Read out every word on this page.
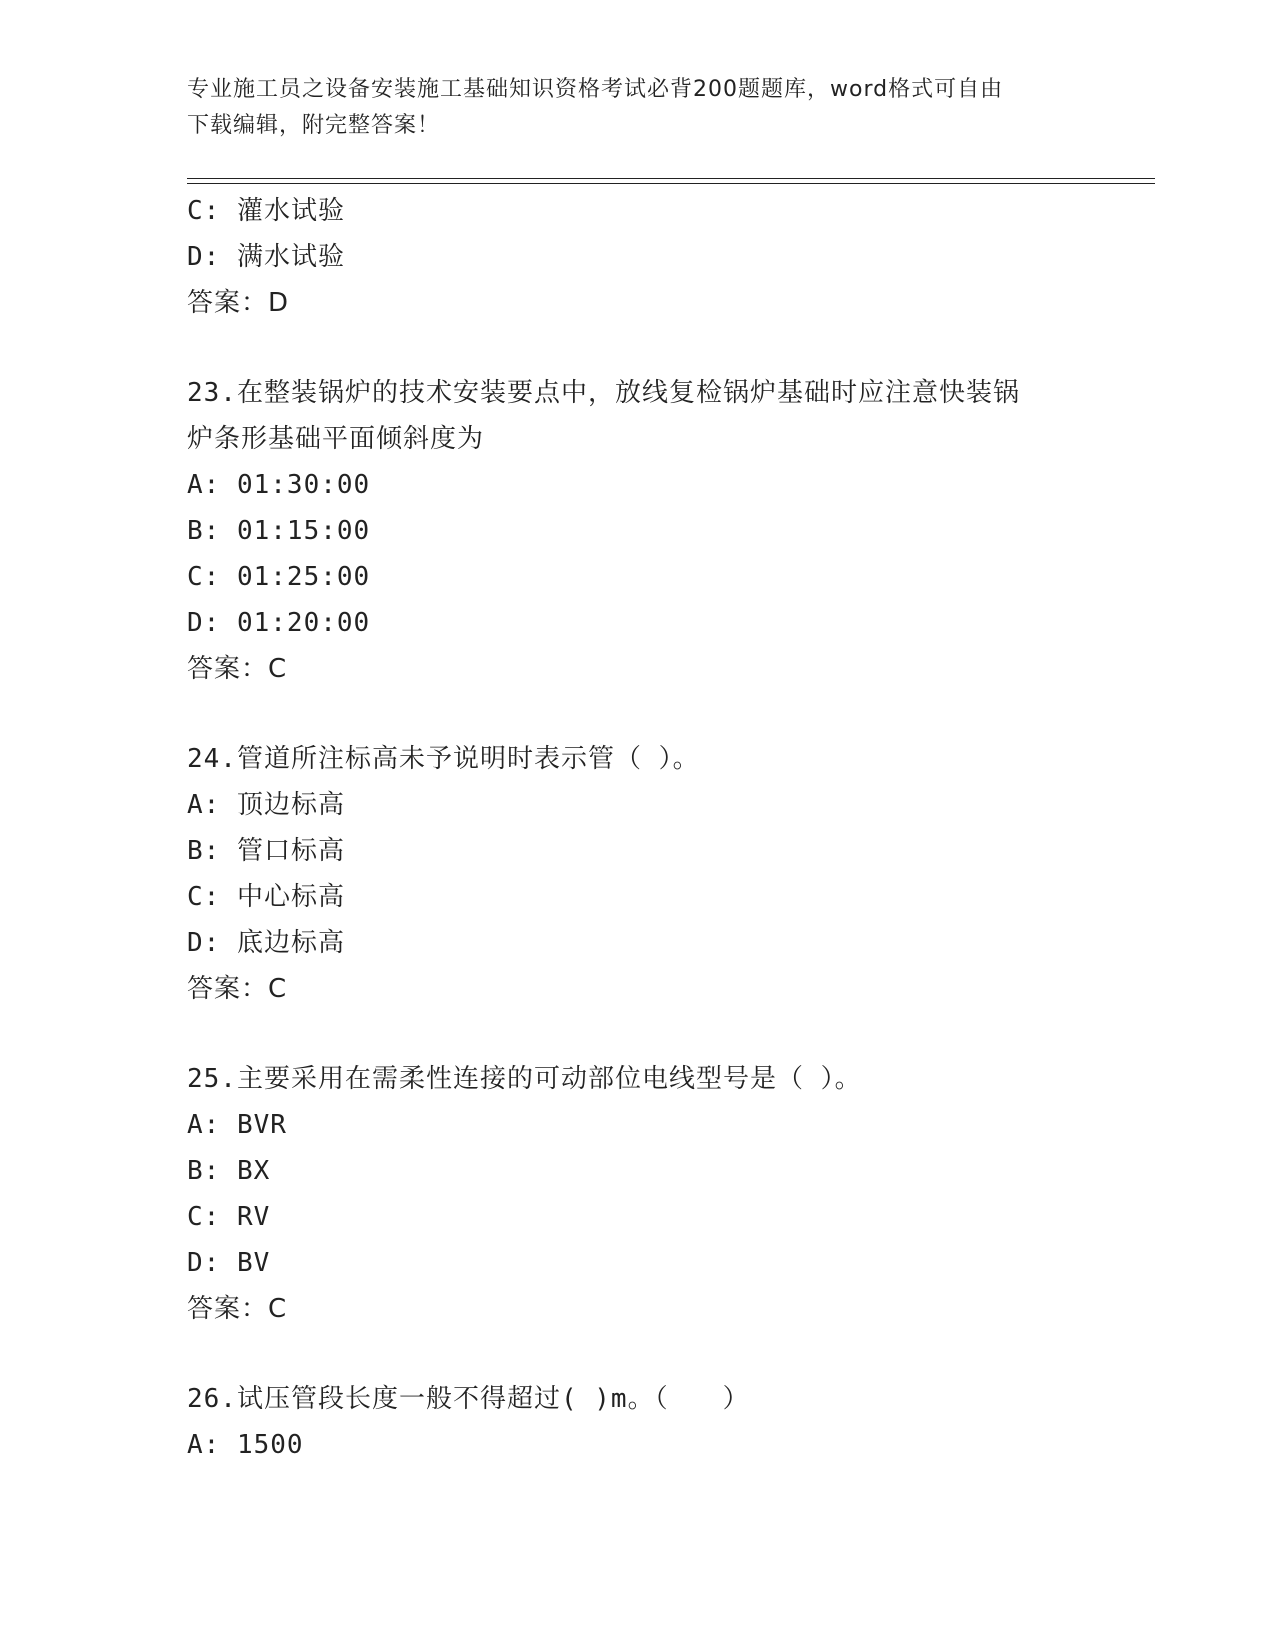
专业施工员之设备安装施工基础知识资格考试必背200题题库，word格式可自由
下载编辑，附完整答案！
C: 灌水试验
D: 满水试验
答案：D
23.在整装锅炉的技术安装要点中，放线复检锅炉基础时应注意快装锅
炉条形基础平面倾斜度为
A: 01:30:00
B: 01:15:00
C: 01:25:00
D: 01:20:00
答案：C
24.管道所注标高未予说明时表示管（ ）。
A: 顶边标高
B: 管口标高
C: 中心标高
D: 底边标高
答案：C
25.主要采用在需柔性连接的可动部位电线型号是（ ）。
A: BVR
B: BX
C: RV
D: BV
答案：C
26.试压管段长度一般不得超过( )m。（　　）
A: 1500
